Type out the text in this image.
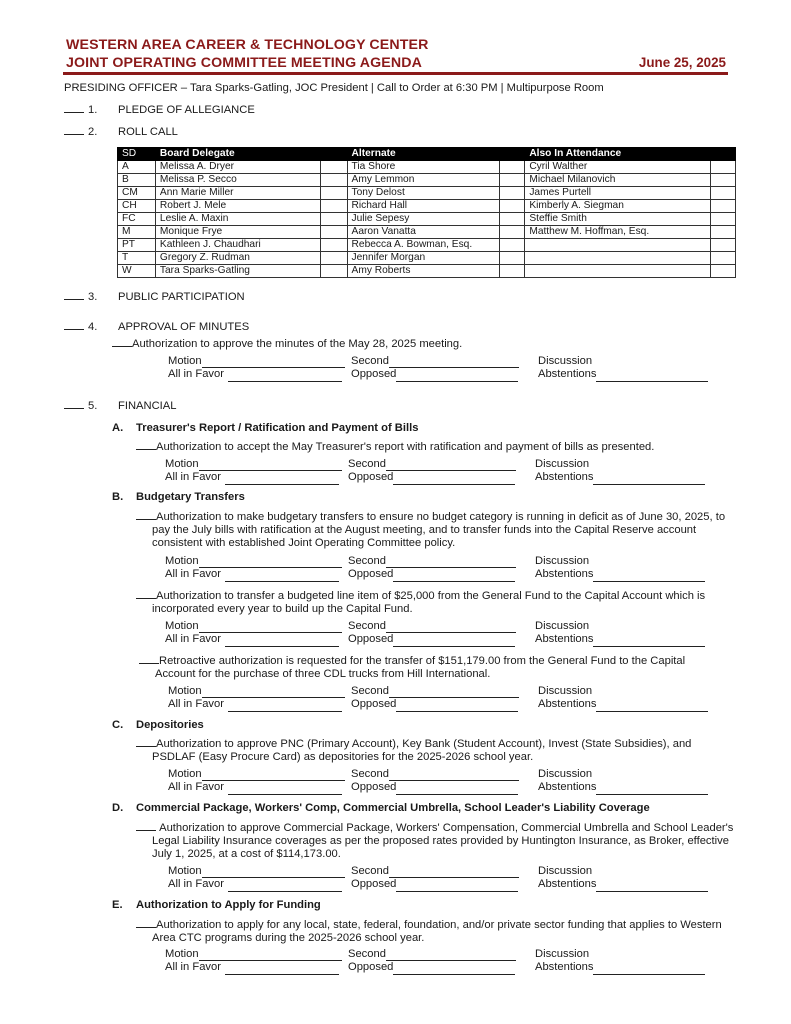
WESTERN AREA CAREER & TECHNOLOGY CENTER
JOINT OPERATING COMMITTEE MEETING AGENDA	June 25, 2025
PRESIDING OFFICER – Tara Sparks-Gatling, JOC President | Call to Order at 6:30 PM | Multipurpose Room
1. PLEDGE OF ALLEGIANCE
2. ROLL CALL
SD	Board Delegate		Alternate		Also In Attendance	
A	Melissa A. Dryer		Tia Shore		Cyril Walther	
B	Melissa P. Secco		Amy Lemmon		Michael Milanovich	
CM	Ann Marie Miller		Tony Delost		James Purtell	
CH	Robert J. Mele		Richard Hall		Kimberly A. Siegman	
FC	Leslie A. Maxin		Julie Sepesy		Steffie Smith	
M	Monique Frye		Aaron Vanatta		Matthew M. Hoffman, Esq.	
PT	Kathleen J. Chaudhari		Rebecca A. Bowman, Esq.			
T	Gregory Z. Rudman		Jennifer Morgan			
W	Tara Sparks-Gatling		Amy Roberts			
3. PUBLIC PARTICIPATION
4. APPROVAL OF MINUTES
Authorization to approve the minutes of the May 28, 2025 meeting.
Motion	Second	Discussion
All in Favor	Opposed	Abstentions
5. FINANCIAL
A. Treasurer's Report / Ratification and Payment of Bills
Authorization to accept the May Treasurer's report with ratification and payment of bills as presented.
Motion	Second	Discussion
All in Favor	Opposed	Abstentions
B. Budgetary Transfers
Authorization to make budgetary transfers to ensure no budget category is running in deficit as of June 30, 2025, to pay the July bills with ratification at the August meeting, and to transfer funds into the Capital Reserve account consistent with established Joint Operating Committee policy.
Motion	Second	Discussion
All in Favor	Opposed	Abstentions
Authorization to transfer a budgeted line item of $25,000 from the General Fund to the Capital Account which is incorporated every year to build up the Capital Fund.
Motion	Second	Discussion
All in Favor	Opposed	Abstentions
Retroactive authorization is requested for the transfer of $151,179.00 from the General Fund to the Capital Account for the purchase of three CDL trucks from Hill International.
Motion	Second	Discussion
All in Favor	Opposed	Abstentions
C. Depositories
Authorization to approve PNC (Primary Account), Key Bank (Student Account), Invest (State Subsidies), and PSDLAF (Easy Procure Card) as depositories for the 2025-2026 school year.
Motion	Second	Discussion
All in Favor	Opposed	Abstentions
D. Commercial Package, Workers' Comp, Commercial Umbrella, School Leader's Liability Coverage
Authorization to approve Commercial Package, Workers' Compensation, Commercial Umbrella and School Leader's Legal Liability Insurance coverages as per the proposed rates provided by Huntington Insurance, as Broker, effective July 1, 2025, at a cost of $114,173.00.
Motion	Second	Discussion
All in Favor	Opposed	Abstentions
E. Authorization to Apply for Funding
Authorization to apply for any local, state, federal, foundation, and/or private sector funding that applies to Western Area CTC programs during the 2025-2026 school year.
Motion	Second	Discussion
All in Favor	Opposed	Abstentions
